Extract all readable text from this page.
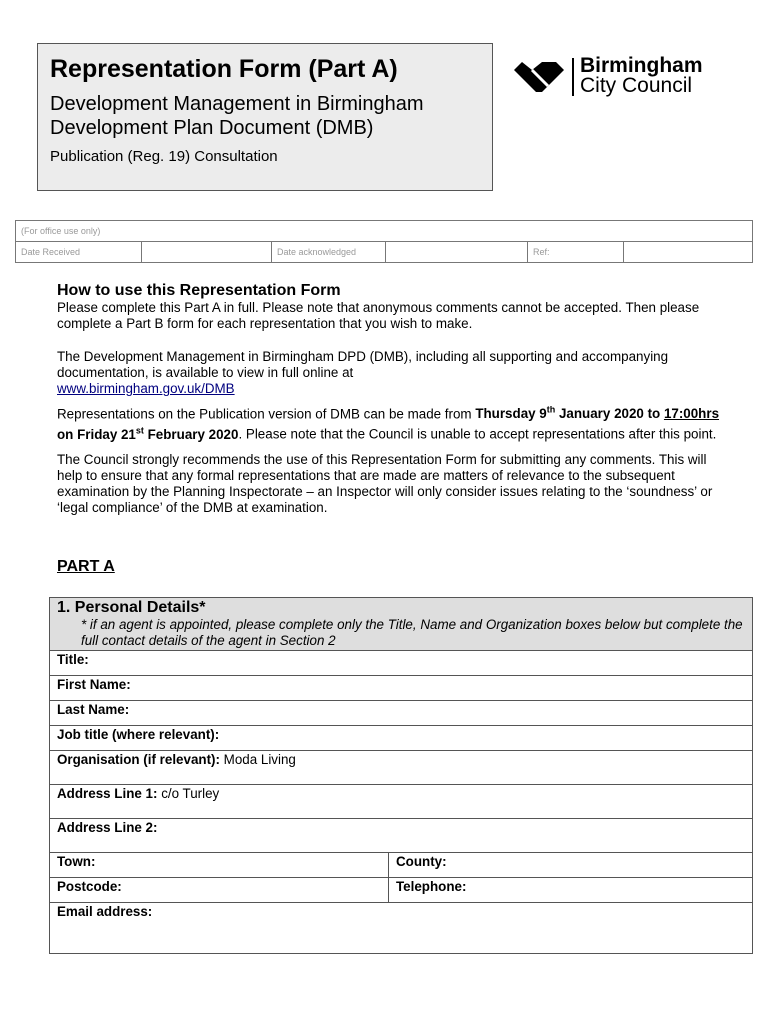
Representation Form (Part A)
Development Management in Birmingham
Development Plan Document (DMB)
Publication (Reg. 19) Consultation
Birmingham
City Council
(For office use only)
Date Received		Date acknowledged		Ref:	
How to use this Representation Form

Please complete this Part A in full. Please note that anonymous comments cannot be accepted. Then please complete a Part B form for each representation that you wish to make.

The Development Management in Birmingham DPD (DMB), including all supporting and accompanying documentation, is available to view in full online at
www.birmingham.gov.uk/DMB

Representations on the Publication version of DMB can be made from Thursday 9th January 2020 to 17:00hrs on Friday 21st February 2020. Please note that the Council is unable to accept representations after this point.

The Council strongly recommends the use of this Representation Form for submitting any comments. This will help to ensure that any formal representations that are made are matters of relevance to the subsequent examination by the Planning Inspectorate – an Inspector will only consider issues relating to the ‘soundness’ or ‘legal compliance’ of the DMB at examination.

PART A
1. Personal Details*
* if an agent is appointed, please complete only the Title, Name and Organization boxes below but complete the full contact details of the agent in Section 2	

Title:	
First Name:	
Last Name:	
Job title (where relevant):	
Organisation (if relevant): Moda Living	
Address Line 1: c/o Turley	
Address Line 2:	
Town:	County:
Postcode:	Telephone:
Email address:	
